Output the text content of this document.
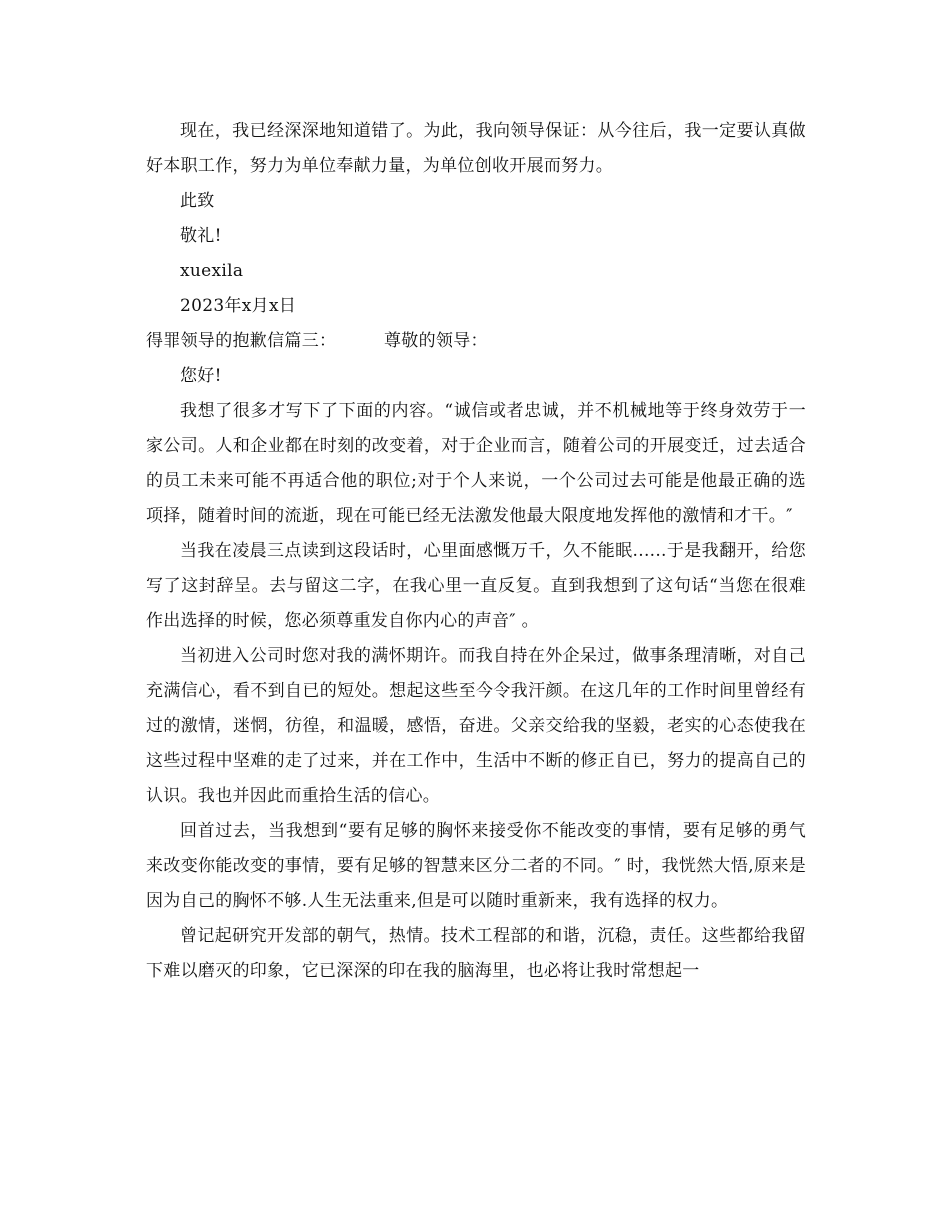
现在，我已经深深地知道错了。为此，我向领导保证：从今往后，我一定要认真做好本职工作，努力为单位奉献力量，为单位创收开展而努力。

此致

敬礼!

xuexila

2023年x月x日

得罪领导的抱歉信篇三：	尊敬的领导：

您好!

我想了很多才写下了下面的内容。“诚信或者忠诚，并不机械地等于终身效劳于一家公司。人和企业都在时刻的改变着，对于企业而言，随着公司的开展变迁，过去适合的员工未来可能不再适合他的职位;对于个人来说，一个公司过去可能是他最正确的选项择，随着时间的流逝，现在可能已经无法激发他最大限度地发挥他的激情和才干。″

当我在凌晨三点读到这段话时，心里面感慨万千，久不能眠......于是我翻开，给您写了这封辞呈。去与留这二字，在我心里一直反复。直到我想到了这句话“当您在很难作出选择的时候，您必须尊重发自你内心的声音″ 。

当初进入公司时您对我的满怀期许。而我自持在外企呆过，做事条理清晰，对自己充满信心，看不到自已的短处。想起这些至今令我汗颜。在这几年的工作时间里曾经有过的激情，迷惘，彷徨，和温暖，感悟，奋进。父亲交给我的坚毅，老实的心态使我在这些过程中坚难的走了过来，并在工作中，生活中不断的修正自已，努力的提高自己的认识。我也并因此而重拾生活的信心。

回首过去，当我想到“要有足够的胸怀来接受你不能改变的事情，要有足够的勇气来改变你能改变的事情，要有足够的智慧来区分二者的不同。″ 时，我恍然大悟,原来是因为自己的胸怀不够.人生无法重来,但是可以随时重新来，我有选择的权力。

曾记起研究开发部的朝气，热情。技术工程部的和谐，沉稳，责任。这些都给我留下难以磨灭的印象，它已深深的印在我的脑海里，也必将让我时常想起一
